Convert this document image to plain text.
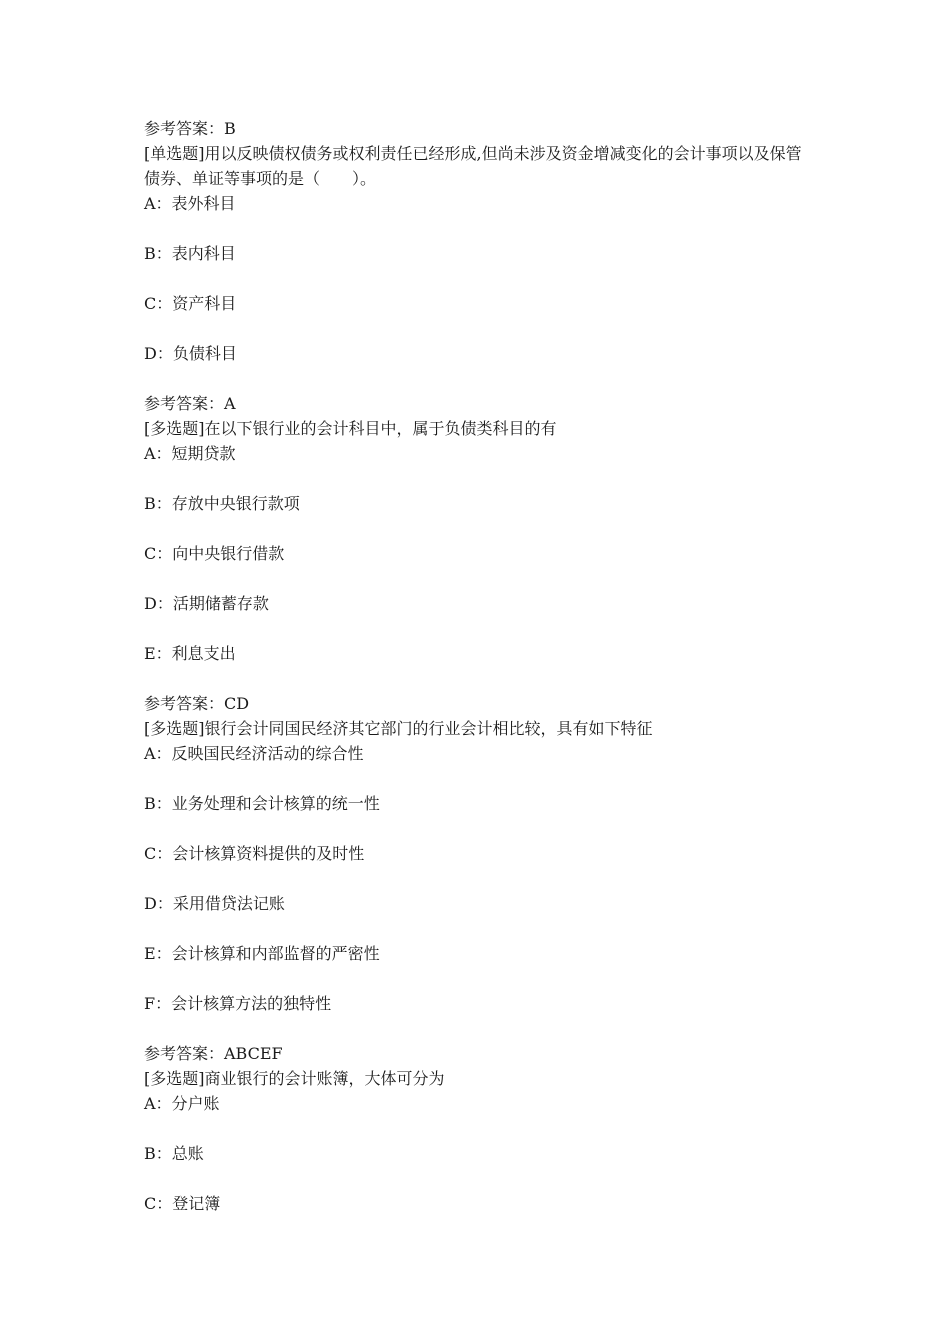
参考答案：B
[单选题]用以反映债权债务或权利责任已经形成,但尚未涉及资金增减变化的会计事项以及保管债券、单证等事项的是（　　）。
A：表外科目
B：表内科目
C：资产科目
D：负债科目
参考答案：A
[多选题]在以下银行业的会计科目中，属于负债类科目的有
A：短期贷款
B：存放中央银行款项
C：向中央银行借款
D：活期储蓄存款
E：利息支出
参考答案：CD
[多选题]银行会计同国民经济其它部门的行业会计相比较，具有如下特征
A：反映国民经济活动的综合性
B：业务处理和会计核算的统一性
C：会计核算资料提供的及时性
D：采用借贷法记账
E：会计核算和内部监督的严密性
F：会计核算方法的独特性
参考答案：ABCEF
[多选题]商业银行的会计账簿，大体可分为
A：分户账
B：总账
C：登记簿
